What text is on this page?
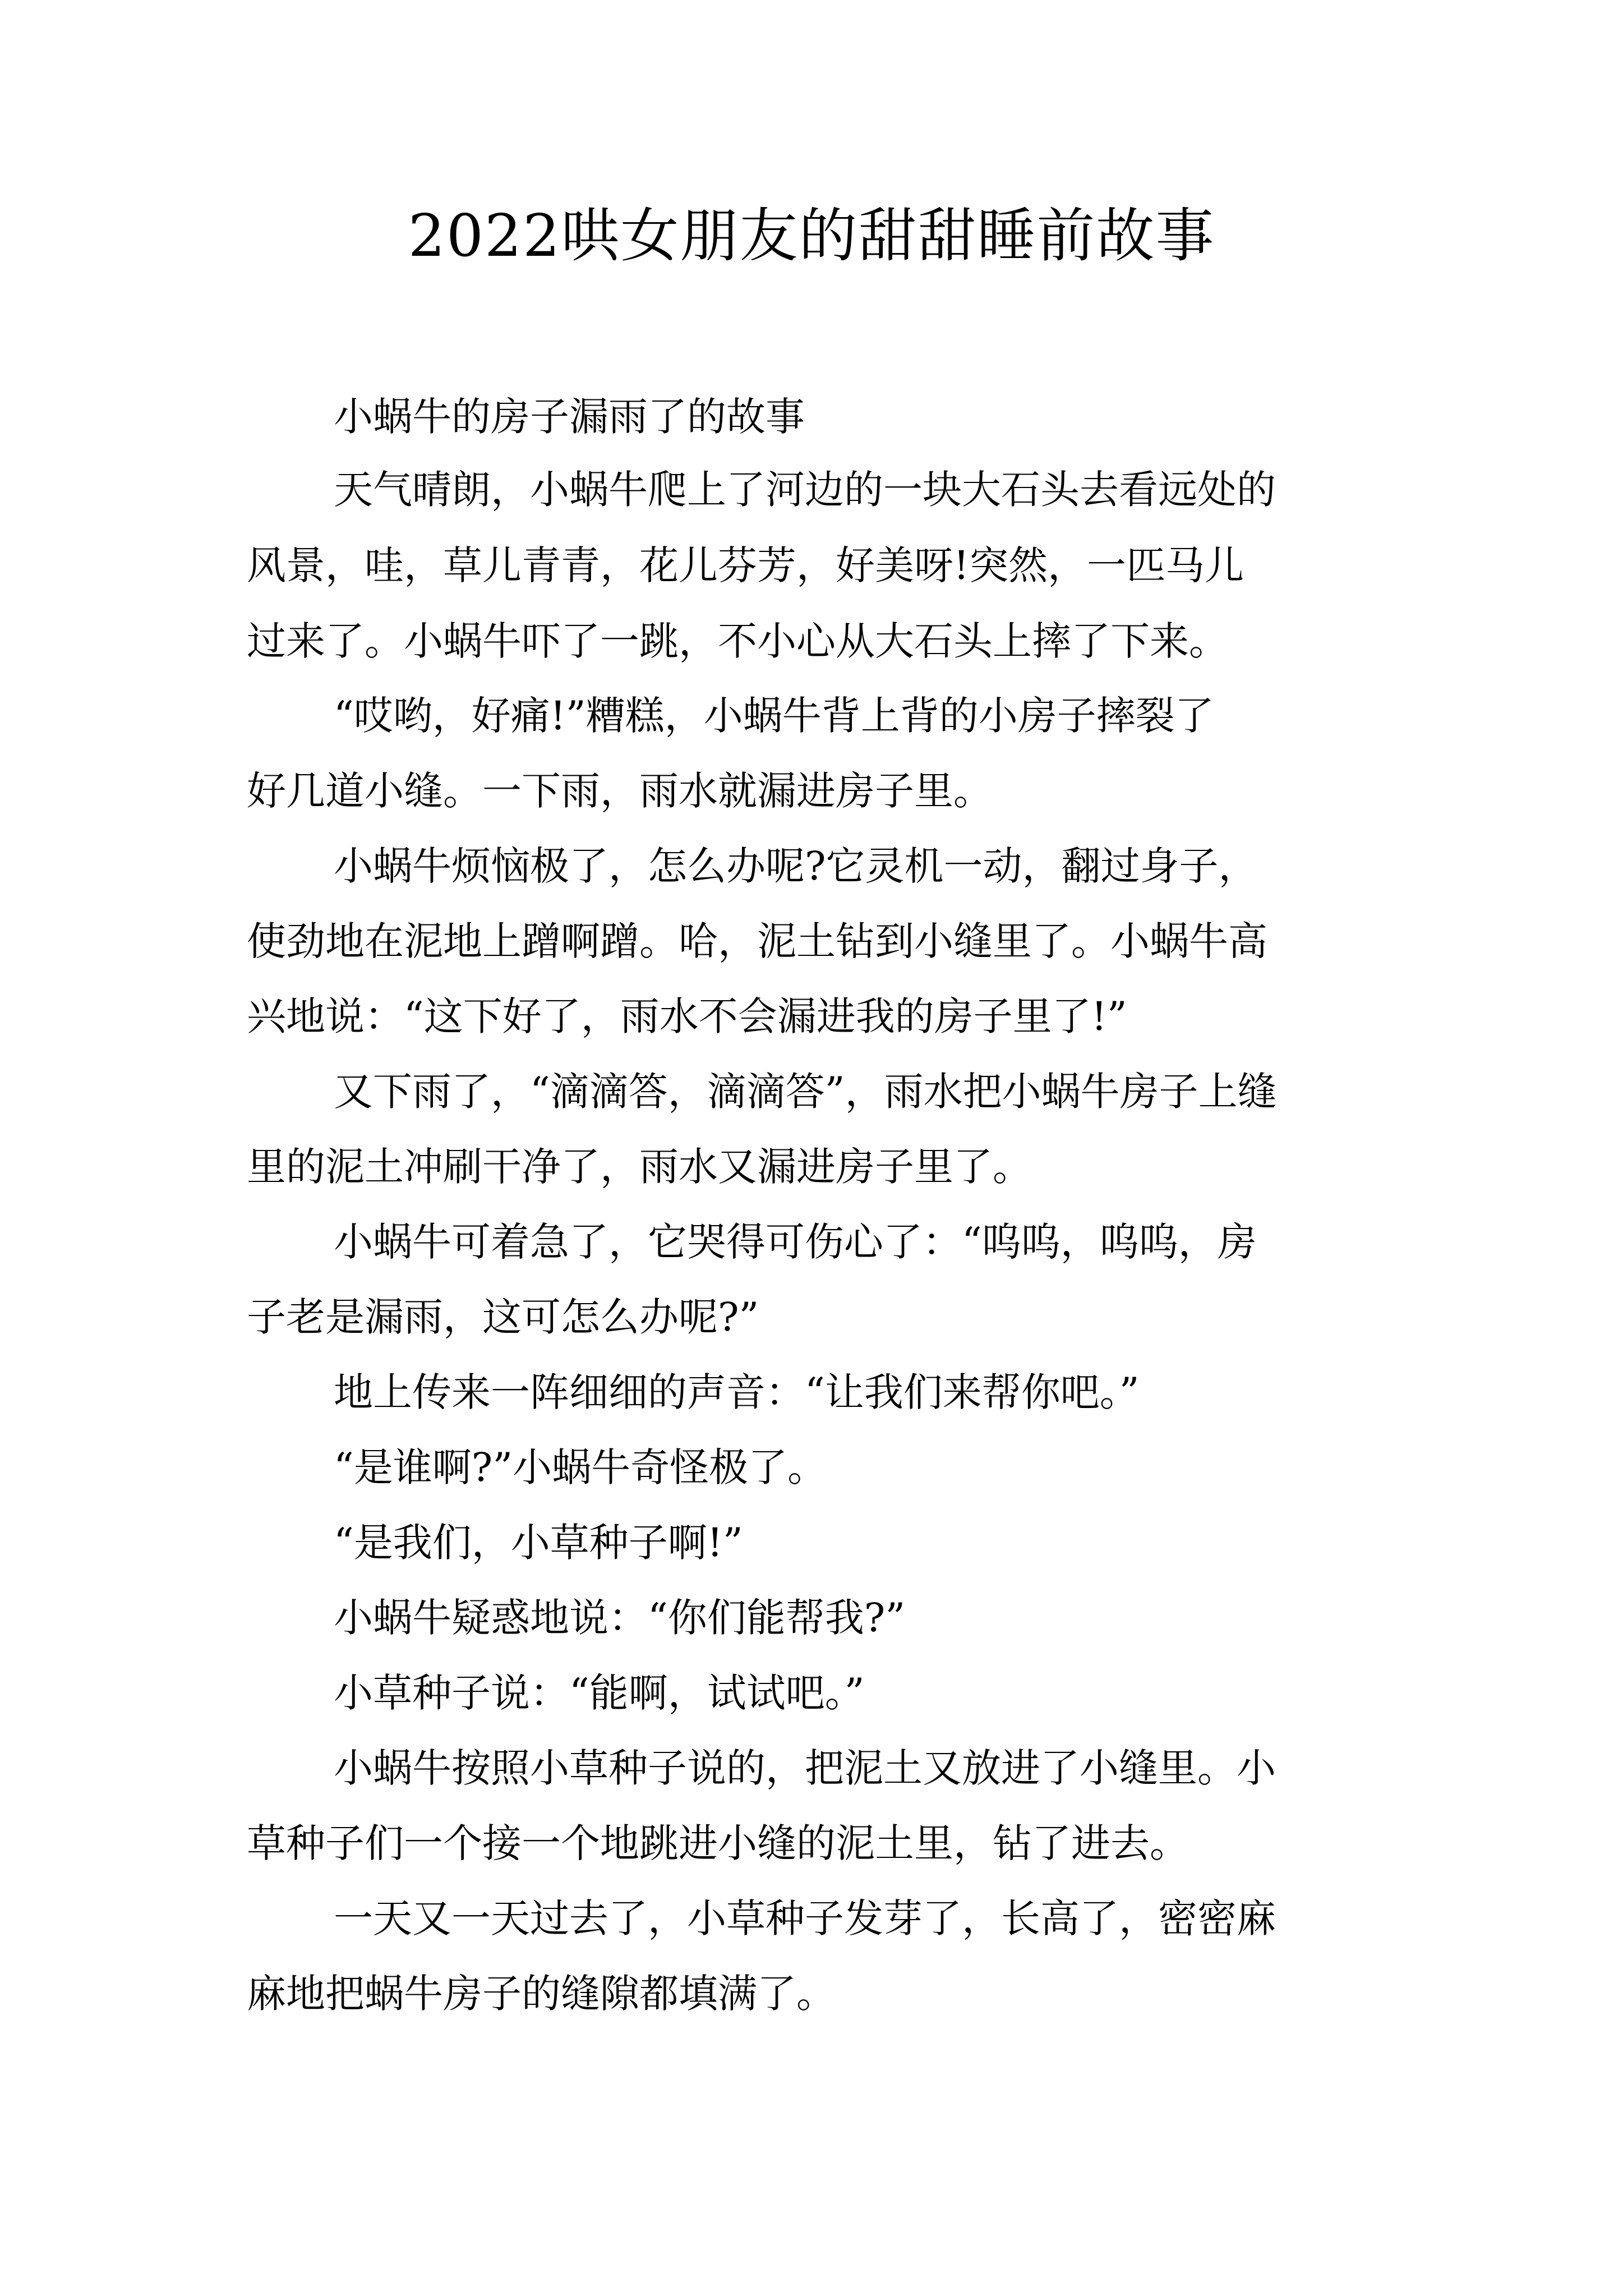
2022哄女朋友的甜甜睡前故事
小蜗牛的房子漏雨了的故事
天气晴朗，小蜗牛爬上了河边的一块大石头去看远处的
风景，哇，草儿青青，花儿芬芳，好美呀!突然，一匹马儿
过来了。小蜗牛吓了一跳，不小心从大石头上摔了下来。
“哎哟，好痛!”糟糕，小蜗牛背上背的小房子摔裂了
好几道小缝。一下雨，雨水就漏进房子里。
小蜗牛烦恼极了，怎么办呢?它灵机一动，翻过身子，
使劲地在泥地上蹭啊蹭。哈，泥土钻到小缝里了。小蜗牛高
兴地说：“这下好了，雨水不会漏进我的房子里了!”
又下雨了，“滴滴答，滴滴答”，雨水把小蜗牛房子上缝
里的泥土冲刷干净了，雨水又漏进房子里了。
小蜗牛可着急了，它哭得可伤心了：“呜呜，呜呜，房
子老是漏雨，这可怎么办呢?”
地上传来一阵细细的声音：“让我们来帮你吧。”
“是谁啊?”小蜗牛奇怪极了。
“是我们，小草种子啊!”
小蜗牛疑惑地说：“你们能帮我?”
小草种子说：“能啊，试试吧。”
小蜗牛按照小草种子说的，把泥土又放进了小缝里。小
草种子们一个接一个地跳进小缝的泥土里，钻了进去。
一天又一天过去了，小草种子发芽了，长高了，密密麻
麻地把蜗牛房子的缝隙都填满了。
